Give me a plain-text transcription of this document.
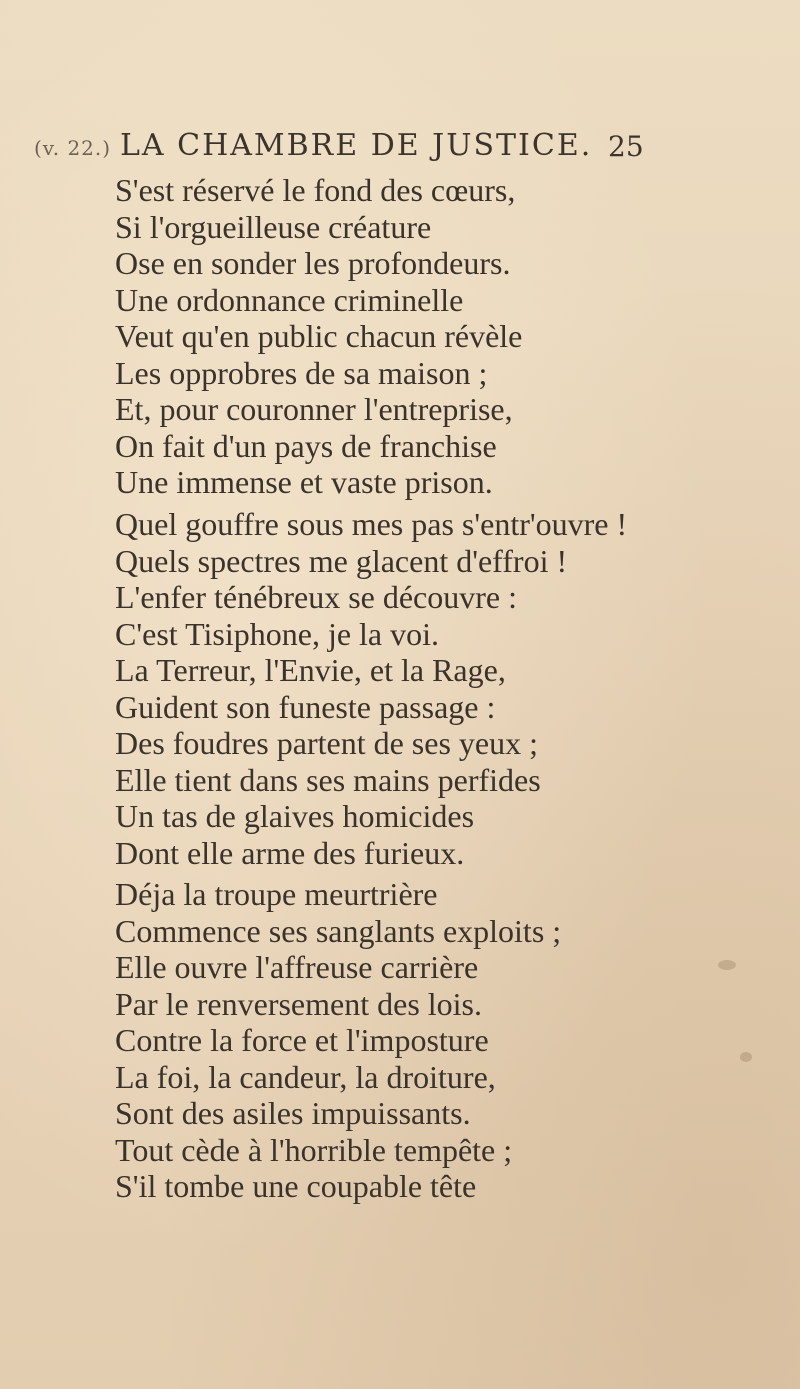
(v. 22.) LA CHAMBRE DE JUSTICE. 25
S'est réservé le fond des cœurs,
Si l'orgueilleuse créature
Ose en sonder les profondeurs.
Une ordonnance criminelle
Veut qu'en public chacun révèle
Les opprobres de sa maison ;
Et, pour couronner l'entreprise,
On fait d'un pays de franchise
Une immense et vaste prison.
Quel gouffre sous mes pas s'entr'ouvre !
Quels spectres me glacent d'effroi !
L'enfer ténébreux se découvre :
C'est Tisiphone, je la voi.
La Terreur, l'Envie, et la Rage,
Guident son funeste passage :
Des foudres partent de ses yeux ;
Elle tient dans ses mains perfides
Un tas de glaives homicides
Dont elle arme des furieux.
Déja la troupe meurtrière
Commence ses sanglants exploits ;
Elle ouvre l'affreuse carrière
Par le renversement des lois.
Contre la force et l'imposture
La foi, la candeur, la droiture,
Sont des asiles impuissants.
Tout cède à l'horrible tempête ;
S'il tombe une coupable tête
